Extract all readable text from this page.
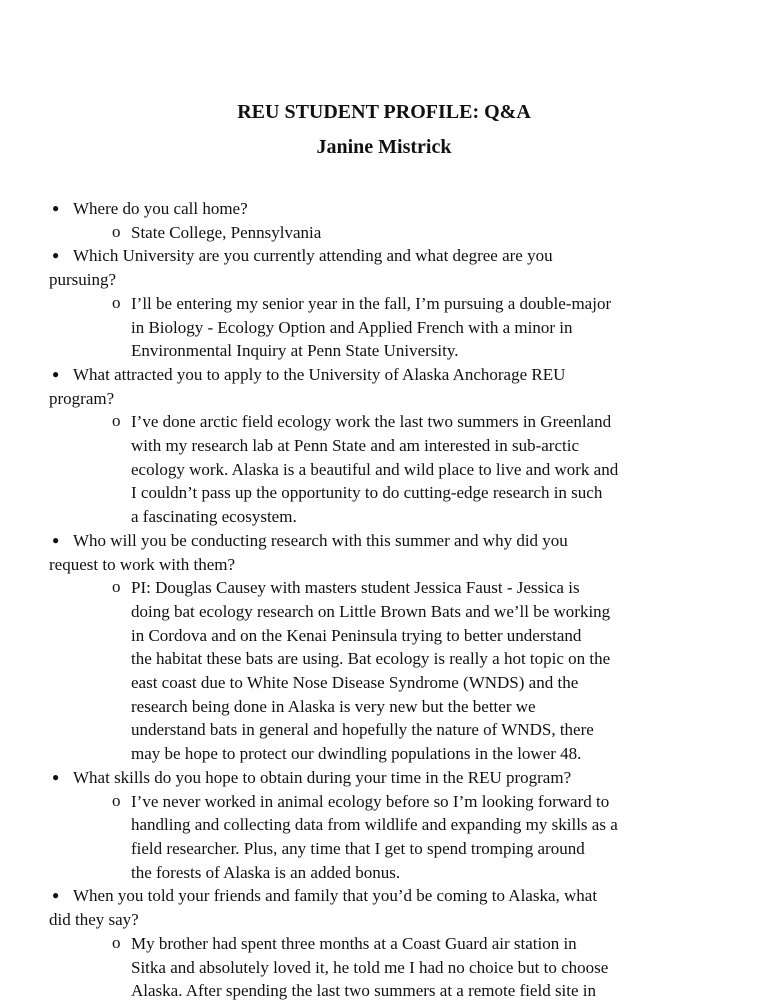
REU STUDENT PROFILE: Q&A
Janine Mistrick
● Where do you call home?
o State College, Pennsylvania
● Which University are you currently attending and what degree are you
pursuing?
o I’ll be entering my senior year in the fall, I’m pursuing a double-major
in Biology - Ecology Option and Applied French with a minor in
Environmental Inquiry at Penn State University.
● What attracted you to apply to the University of Alaska Anchorage REU
program?
o I’ve done arctic field ecology work the last two summers in Greenland
with my research lab at Penn State and am interested in sub-arctic
ecology work. Alaska is a beautiful and wild place to live and work and
I couldn’t pass up the opportunity to do cutting-edge research in such
a fascinating ecosystem.
● Who will you be conducting research with this summer and why did you
request to work with them?
o PI: Douglas Causey with masters student Jessica Faust - Jessica is
doing bat ecology research on Little Brown Bats and we’ll be working
in Cordova and on the Kenai Peninsula trying to better understand
the habitat these bats are using. Bat ecology is really a hot topic on the
east coast due to White Nose Disease Syndrome (WNDS) and the
research being done in Alaska is very new but the better we
understand bats in general and hopefully the nature of WNDS, there
may be hope to protect our dwindling populations in the lower 48.
● What skills do you hope to obtain during your time in the REU program?
o I’ve never worked in animal ecology before so I’m looking forward to
handling and collecting data from wildlife and expanding my skills as a
field researcher. Plus, any time that I get to spend tromping around
the forests of Alaska is an added bonus.
● When you told your friends and family that you’d be coming to Alaska, what
did they say?
o My brother had spent three months at a Coast Guard air station in
Sitka and absolutely loved it, he told me I had no choice but to choose
Alaska. After spending the last two summers at a remote field site in
